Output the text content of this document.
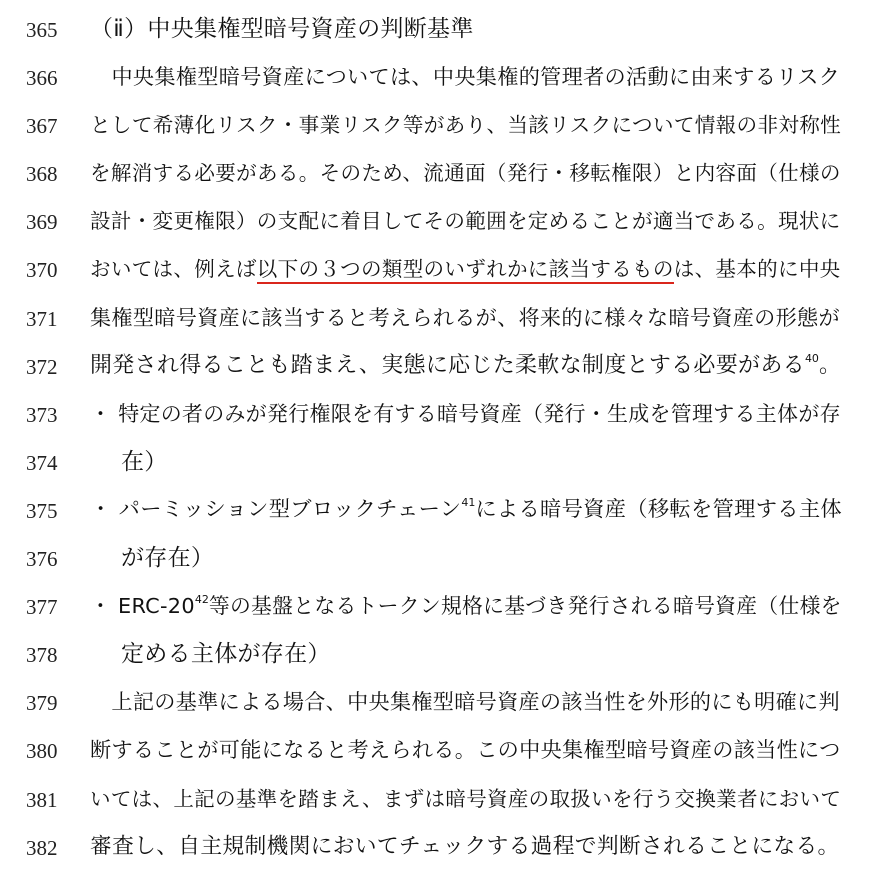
365	（ⅱ）中央集権型暗号資産の判断基準
366	　中央集権型暗号資産については、中央集権的管理者の活動に由来するリスク
367	として希薄化リスク・事業リスク等があり、当該リスクについて情報の非対称性
368	を解消する必要がある。そのため、流通面（発行・移転権限）と内容面（仕様の
369	設計・変更権限）の支配に着目してその範囲を定めることが適当である。現状に
370	おいては、例えば以下の３つの類型のいずれかに該当するものは、基本的に中央
371	集権型暗号資産に該当すると考えられるが、将来的に様々な暗号資産の形態が
372	開発され得ることも踏まえ、実態に応じた柔軟な制度とする必要がある$^{40}$。
373	・ 特定の者のみが発行権限を有する暗号資産（発行・生成を管理する主体が存
374	在）
375	・ パーミッション型ブロックチェーン$^{41}$による暗号資産（移転を管理する主体
376	が存在）
377	・ ERC-$20^{42}$等の基盤となるトークン規格に基づき発行される暗号資産（仕様を
378	定める主体が存在）
379	　上記の基準による場合、中央集権型暗号資産の該当性を外形的にも明確に判
380	断することが可能になると考えられる。この中央集権型暗号資産の該当性につ
381	いては、上記の基準を踏まえ、まずは暗号資産の取扱いを行う交換業者において
382	審査し、自主規制機関においてチェックする過程で判断されることになる。
